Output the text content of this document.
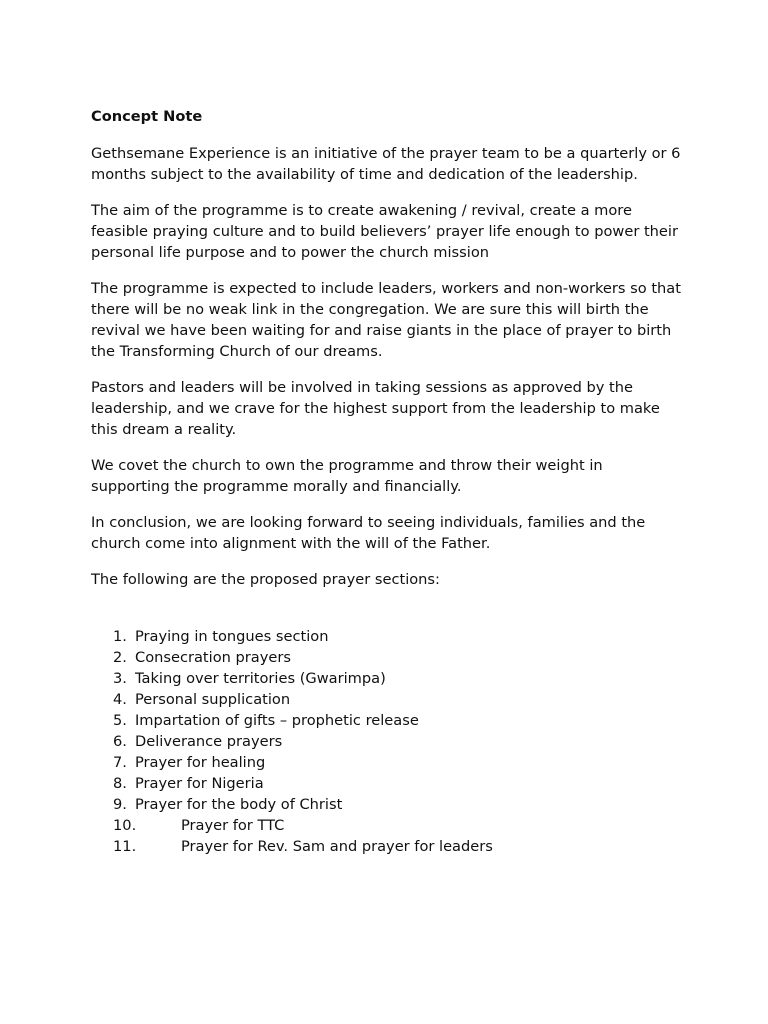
Concept Note

Gethsemane Experience is an initiative of the prayer team to be a quarterly or 6 months subject to the availability of time and dedication of the leadership.

The aim of the programme is to create awakening / revival, create a more feasible praying culture and to build believers’ prayer life enough to power their personal life purpose and to power the church mission

The programme is expected to include leaders, workers and non-workers so that there will be no weak link in the congregation. We are sure this will birth the revival we have been waiting for and raise giants in the place of prayer to birth the Transforming Church of our dreams.

Pastors and leaders will be involved in taking sessions as approved by the leadership, and we crave for the highest support from the leadership to make this dream a reality.

We covet the church to own the programme and throw their weight in supporting the programme morally and financially.

In conclusion, we are looking forward to seeing individuals, families and the church come into alignment with the will of the Father.

The following are the proposed prayer sections:

1. Praying in tongues section
2. Consecration prayers
3. Taking over territories (Gwarimpa)
4. Personal supplication
5. Impartation of gifts – prophetic release
6. Deliverance prayers
7. Prayer for healing
8. Prayer for Nigeria
9. Prayer for the body of Christ
10.	Prayer for TTC
11.	Prayer for Rev. Sam and prayer for leaders
